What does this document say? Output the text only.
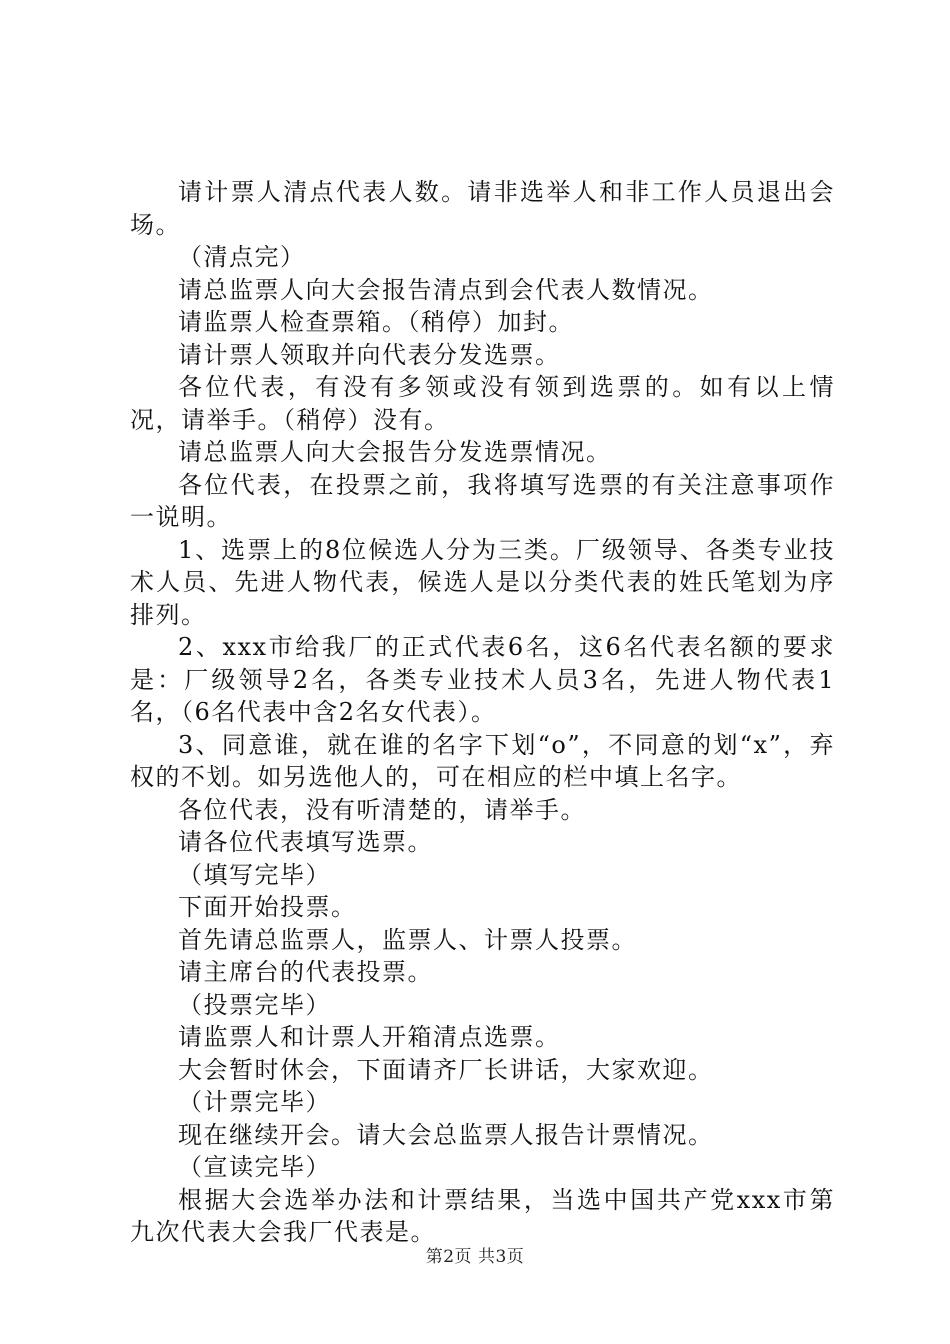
请计票人清点代表人数。请非选举人和非工作人员退出会场。

（清点完）

请总监票人向大会报告清点到会代表人数情况。

请监票人检查票箱。（稍停）加封。

请计票人领取并向代表分发选票。

各位代表，有没有多领或没有领到选票的。如有以上情况，请举手。（稍停）没有。

请总监票人向大会报告分发选票情况。

各位代表，在投票之前，我将填写选票的有关注意事项作一说明。

1、选票上的8位候选人分为三类。厂级领导、各类专业技术人员、先进人物代表，候选人是以分类代表的姓氏笔划为序排列。

2、xxx市给我厂的正式代表6名，这6名代表名额的要求是：厂级领导2名，各类专业技术人员3名，先进人物代表1名，（6名代表中含2名女代表）。

3、同意谁，就在谁的名字下划“o”，不同意的划“x”，弃权的不划。如另选他人的，可在相应的栏中填上名字。

各位代表，没有听清楚的，请举手。

请各位代表填写选票。

（填写完毕）

下面开始投票。

首先请总监票人，监票人、计票人投票。

请主席台的代表投票。

（投票完毕）

请监票人和计票人开箱清点选票。

大会暂时休会，下面请齐厂长讲话，大家欢迎。

（计票完毕）

现在继续开会。请大会总监票人报告计票情况。

（宣读完毕）

根据大会选举办法和计票结果，当选中国共产党xxx市第九次代表大会我厂代表是。

第2页 共3页
